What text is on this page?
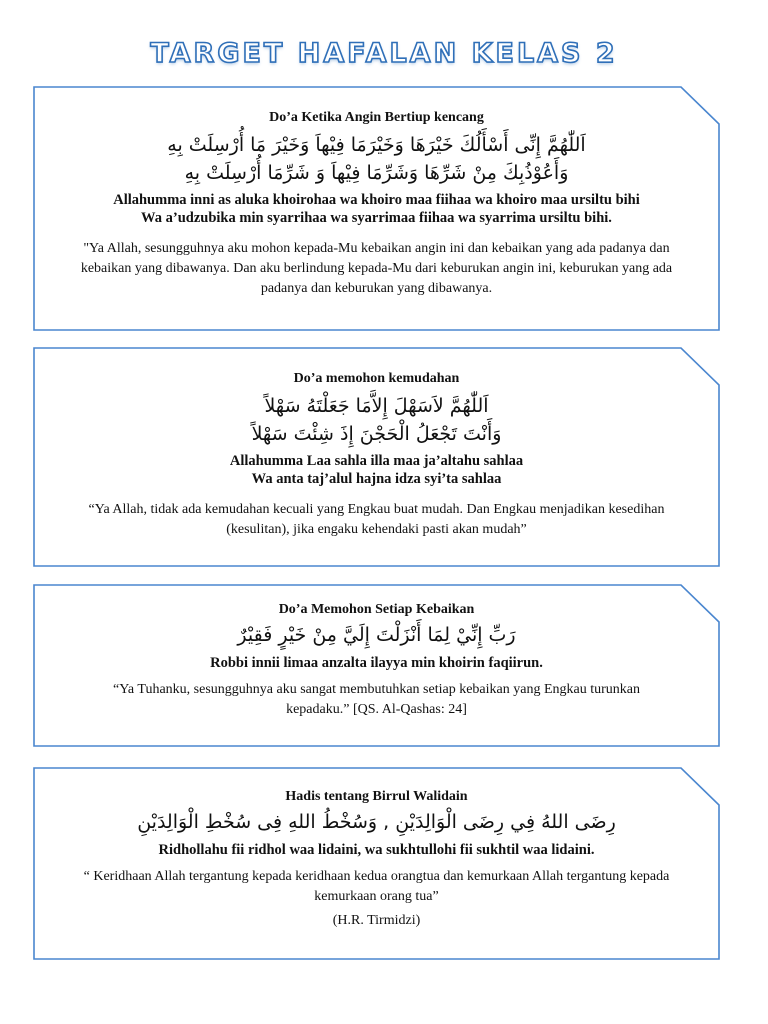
TARGET HAFALAN KELAS 2
Do’a Ketika Angin Bertiup kencang
اَللّٰهُمَّ إِنِّى أَسْأَلُكَ خَيْرَهَا وَخَيْرَمَا فِيْهاَ وَخَيْرَ مَا أُرْسِلَتْ بِهِ
وَأَعُوْذُبِكَ مِنْ شَرِّهَا وَشَرِّمَا فِيْهاَ وَ شَرِّمَا أُرْسِلَتْ بِهِ
Allahumma inni as aluka khoirohaa wa khoiro maa fiihaa wa khoiro maa ursiltu bihi
Wa a’udzubika min syarrihaa wa syarrimaa fiihaa wa syarrima ursiltu bihi.
"Ya Allah, sesungguhnya aku mohon kepada-Mu kebaikan angin ini dan kebaikan yang ada padanya dan kebaikan yang dibawanya. Dan aku berlindung kepada-Mu dari keburukan angin ini, keburukan yang ada padanya dan keburukan yang dibawanya.
Do’a memohon kemudahan
اَللّٰهُمَّ لاَسَهْلَ إِلاَّمَا جَعَلْتَهُ سَهْلاً
وَأَنْتَ تَجْعَلُ الْحَجْنَ إِذَ شِئْتَ سَهْلاً
Allahumma Laa sahla illa maa ja’altahu sahlaa
Wa anta taj’alul hajna idza syi’ta sahlaa
“Ya Allah, tidak ada kemudahan kecuali yang Engkau buat mudah. Dan Engkau menjadikan kesedihan (kesulitan), jika engaku kehendaki pasti akan mudah”
Do’a Memohon Setiap Kebaikan
رَبِّ إِنِّيْ لِمَا أَنْزَلْتَ إِلَيَّ مِنْ خَيْرٍ فَقِيْرٌ
Robbi innii limaa anzalta ilayya min khoirin faqiirun.
“Ya Tuhanku, sesungguhnya aku sangat membutuhkan setiap kebaikan yang Engkau turunkan kepadaku.” [QS. Al-Qashas: 24]
Hadis tentang Birrul Walidain
رِضَى اللهُ فِي رِضَى الْوَالِدَيْنِ , وَسُخْطُ اللهِ فِى سُخْطِ الْوَالِدَيْنِ
Ridhollahu fii ridhol waa lidaini, wa sukhtullohi fii sukhtil waa lidaini.
“ Keridhaan Allah tergantung kepada keridhaan kedua orangtua dan kemurkaan Allah tergantung kepada kemurkaan orang tua”
(H.R. Tirmidzi)
